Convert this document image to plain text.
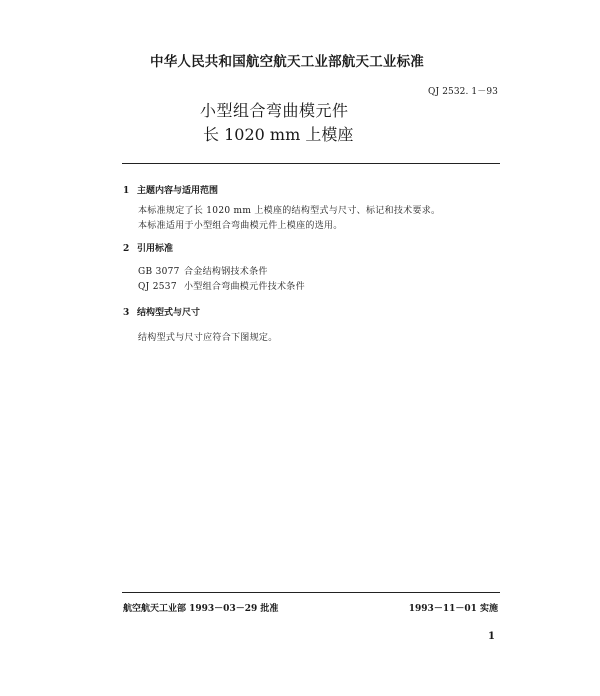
中华人民共和国航空航天工业部航天工业标准
QJ 2532. 1－93
小型组合弯曲模元件
长 1020 mm 上模座
1 主题内容与适用范围
本标准规定了长 1020 mm 上模座的结构型式与尺寸、标记和技术要求。
本标准适用于小型组合弯曲模元件上模座的选用。
2 引用标准
GB 3077 合金结构钢技术条件
QJ 2537 小型组合弯曲模元件技术条件
3 结构型式与尺寸
结构型式与尺寸应符合下图规定。
航空航天工业部 1993－03－29 批准	1993－11－01 实施
1
